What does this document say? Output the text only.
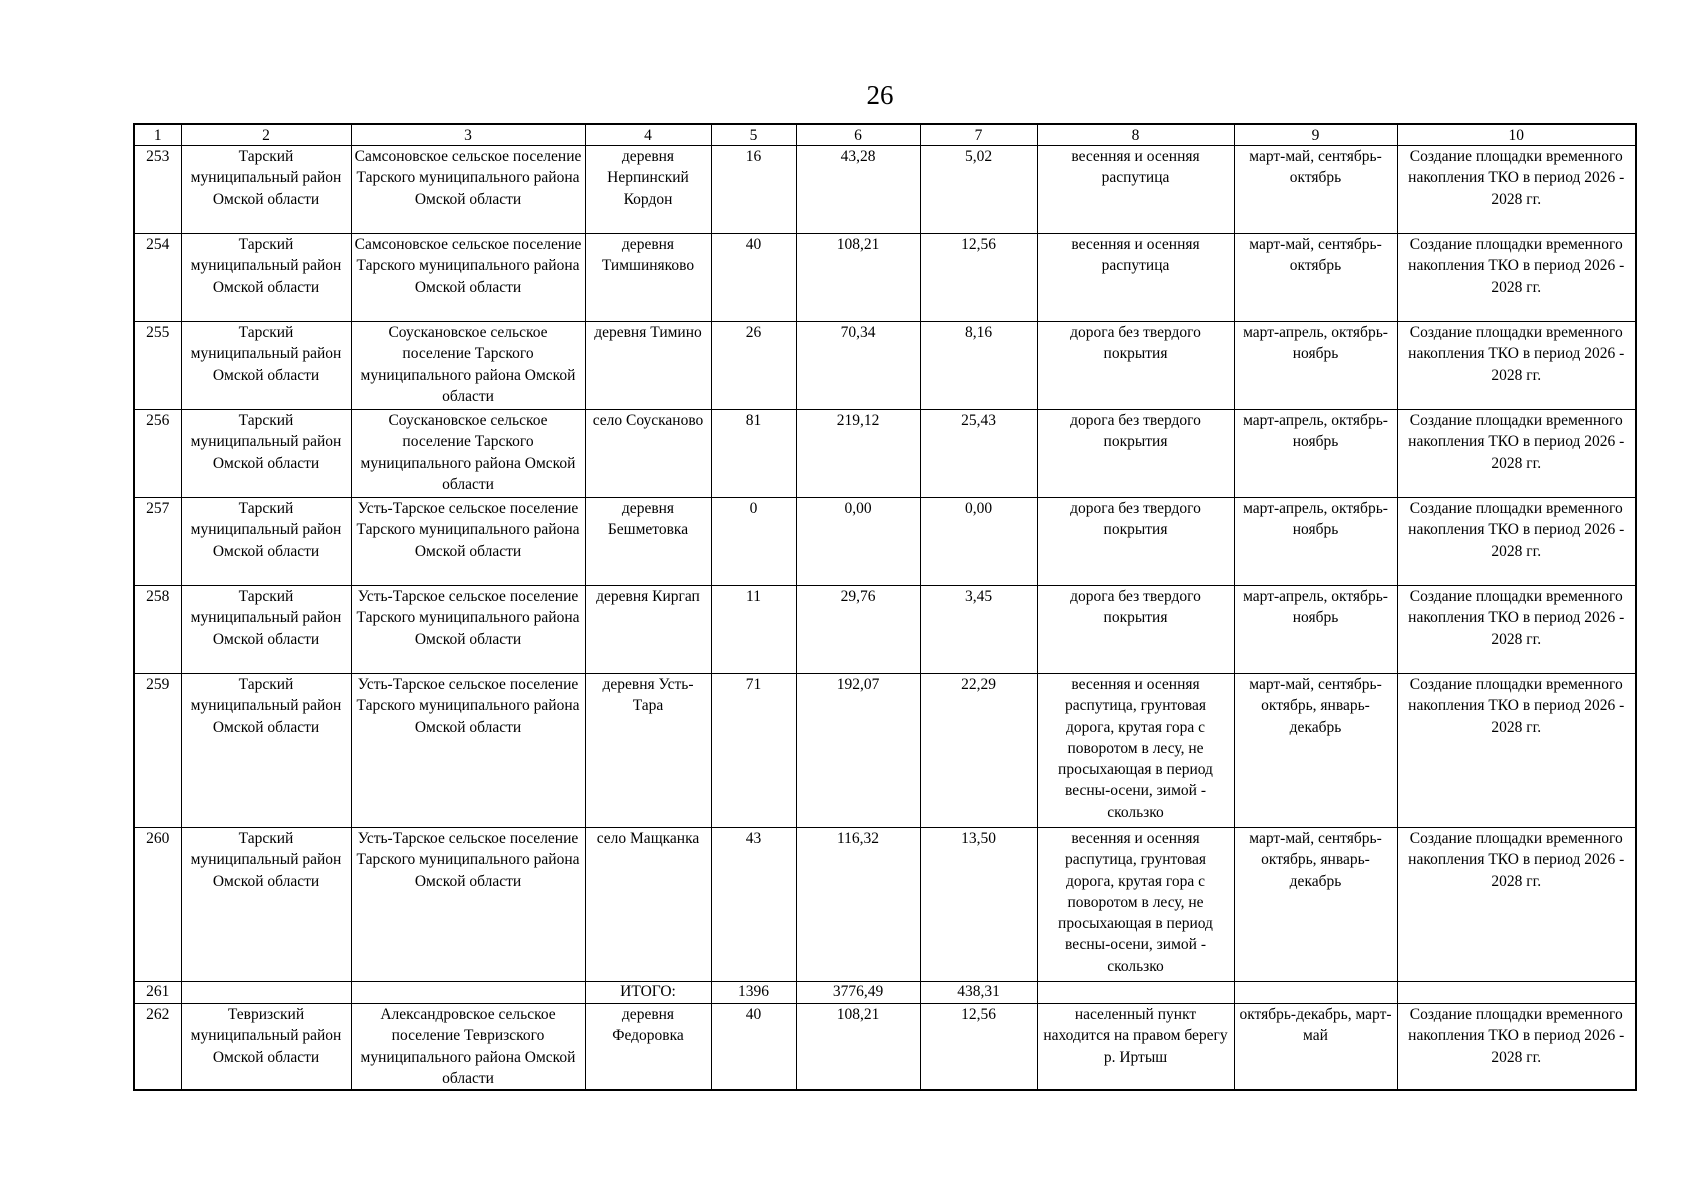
26
1	2	3	4	5	6	7	8	9	10
253	Тарский муниципальный район Омской области	Самсоновское сельское поселение Тарского муниципального района Омской области	деревня Нерпинский Кордон	16	43,28	5,02	весенняя и осенняя распутица	март-май, сентябрь-октябрь	Создание площадки временного накопления ТКО в период 2026 - 2028 гг.
254	Тарский муниципальный район Омской области	Самсоновское сельское поселение Тарского муниципального района Омской области	деревня Тимшиняково	40	108,21	12,56	весенняя и осенняя распутица	март-май, сентябрь-октябрь	Создание площадки временного накопления ТКО в период 2026 - 2028 гг.
255	Тарский муниципальный район Омской области	Соускановское сельское поселение Тарского муниципального района Омской области	деревня Тимино	26	70,34	8,16	дорога без твердого покрытия	март-апрель, октябрь-ноябрь	Создание площадки временного накопления ТКО в период 2026 - 2028 гг.
256	Тарский муниципальный район Омской области	Соускановское сельское поселение Тарского муниципального района Омской области	село Соусканово	81	219,12	25,43	дорога без твердого покрытия	март-апрель, октябрь-ноябрь	Создание площадки временного накопления ТКО в период 2026 - 2028 гг.
257	Тарский муниципальный район Омской области	Усть-Тарское сельское поселение Тарского муниципального района Омской области	деревня Бешметовка	0	0,00	0,00	дорога без твердого покрытия	март-апрель, октябрь-ноябрь	Создание площадки временного накопления ТКО в период 2026 - 2028 гг.
258	Тарский муниципальный район Омской области	Усть-Тарское сельское поселение Тарского муниципального района Омской области	деревня Киргап	11	29,76	3,45	дорога без твердого покрытия	март-апрель, октябрь-ноябрь	Создание площадки временного накопления ТКО в период 2026 - 2028 гг.
259	Тарский муниципальный район Омской области	Усть-Тарское сельское поселение Тарского муниципального района Омской области	деревня Усть-Тара	71	192,07	22,29	весенняя и осенняя распутица, грунтовая дорога, крутая гора с поворотом в лесу, не просыхающая в период весны-осени, зимой - скользко	март-май, сентябрь-октябрь, январь-декабрь	Создание площадки временного накопления ТКО в период 2026 - 2028 гг.
260	Тарский муниципальный район Омской области	Усть-Тарское сельское поселение Тарского муниципального района Омской области	село Мащканка	43	116,32	13,50	весенняя и осенняя распутица, грунтовая дорога, крутая гора с поворотом в лесу, не просыхающая в период весны-осени, зимой - скользко	март-май, сентябрь-октябрь, январь-декабрь	Создание площадки временного накопления ТКО в период 2026 - 2028 гг.
261			ИТОГО:	1396	3776,49	438,31			
262	Тевризский муниципальный район Омской области	Александровское сельское поселение Тевризского муниципального района Омской области	деревня Федоровка	40	108,21	12,56	населенный пункт находится на правом берегу р. Иртыш	октябрь-декабрь, март-май	Создание площадки временного накопления ТКО в период 2026 - 2028 гг.
